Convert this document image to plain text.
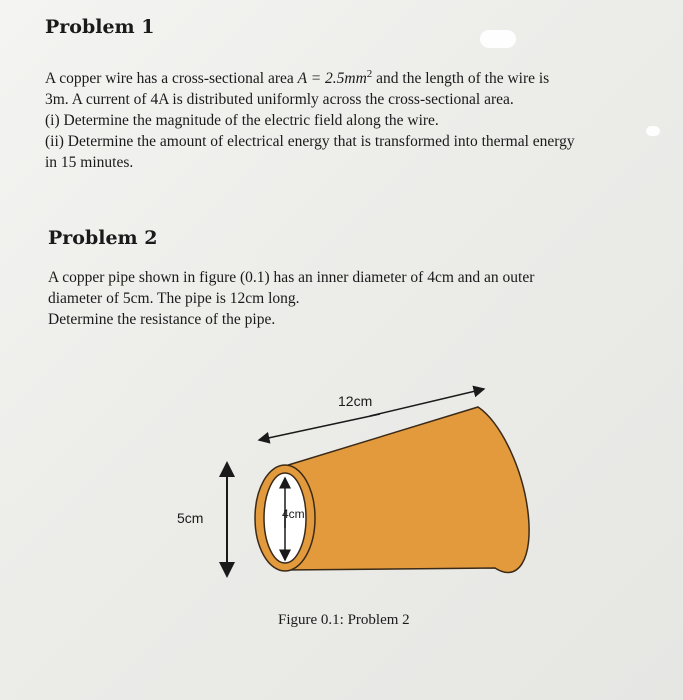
Problem 1

A copper wire has a cross-sectional area $A = 2.5mm^2$ and the length of the wire is

3m. A current of 4A is distributed uniformly across the cross-sectional area.

(i) Determine the magnitude of the electric field along the wire.

(ii) Determine the amount of electrical energy that is transformed into thermal energy

in 15 minutes.

Problem 2

A copper pipe shown in figure (0.1) has an inner diameter of 4cm and an outer

diameter of 5cm. The pipe is 12cm long.

Determine the resistance of the pipe.

12cm
5cm	4cm
Figure 0.1: Problem 2
